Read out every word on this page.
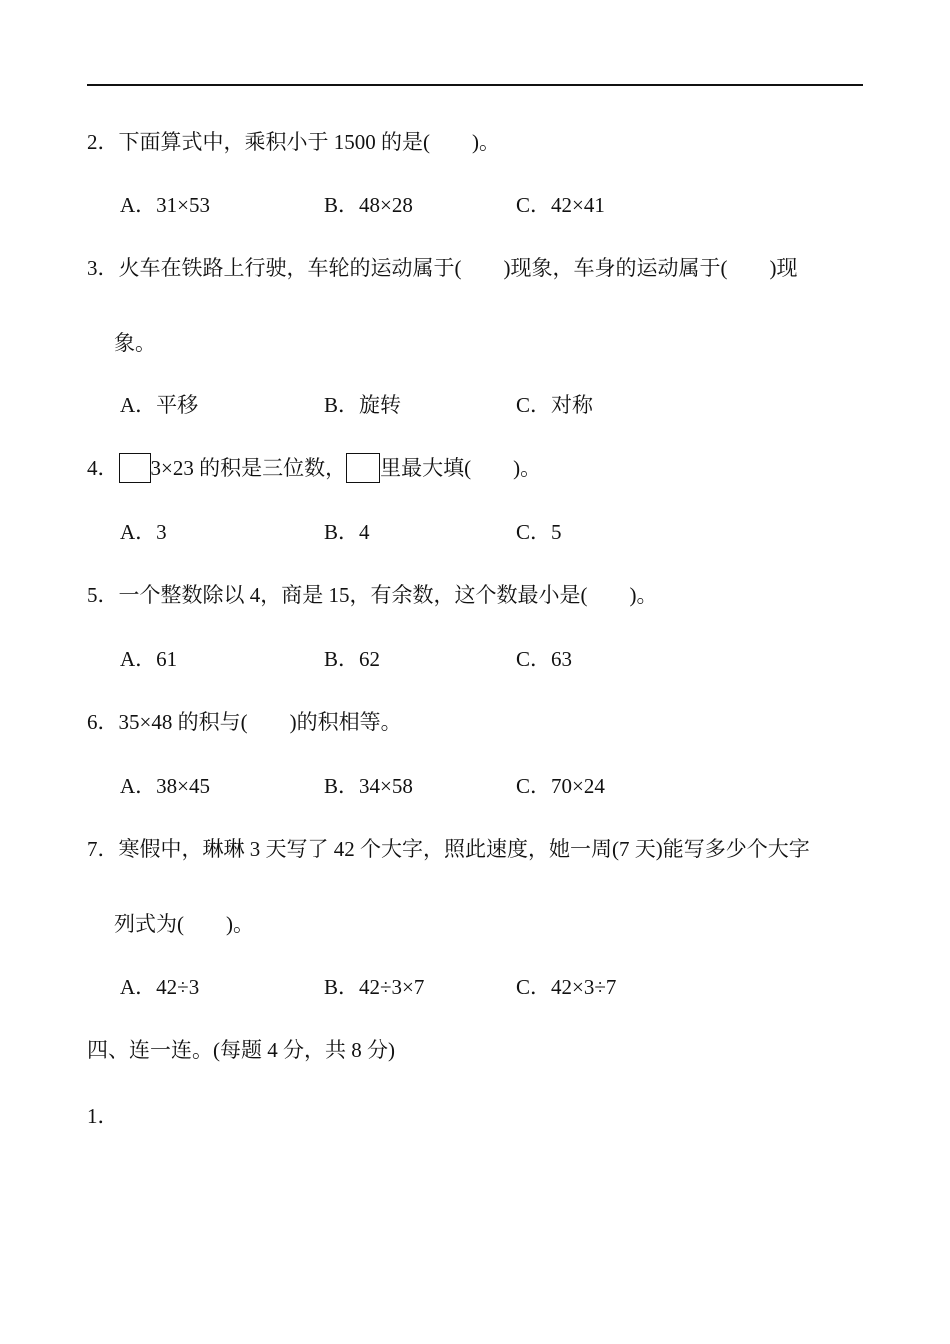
2．下面算式中，乘积小于 1500 的是(　　)。
A．31×53	B．48×28	C．42×41
3．火车在铁路上行驶，车轮的运动属于(　　)现象，车身的运动属于(　　)现
象。
A．平移	B．旋转	C．对称
4． 3×23 的积是三位数， 里最大填(　　)。
A．3	B．4	C．5
5．一个整数除以 4，商是 15，有余数，这个数最小是(　　)。
A．61	B．62	C．63
6．35×48 的积与(　　)的积相等。
A．38×45	B．34×58	C．70×24
7．寒假中，琳琳 3 天写了 42 个大字，照此速度，她一周(7 天)能写多少个大字
列式为(　　)。
A．42÷3	B．42÷3×7	C．42×3÷7
四、连一连。(每题 4 分，共 8 分)
1．
